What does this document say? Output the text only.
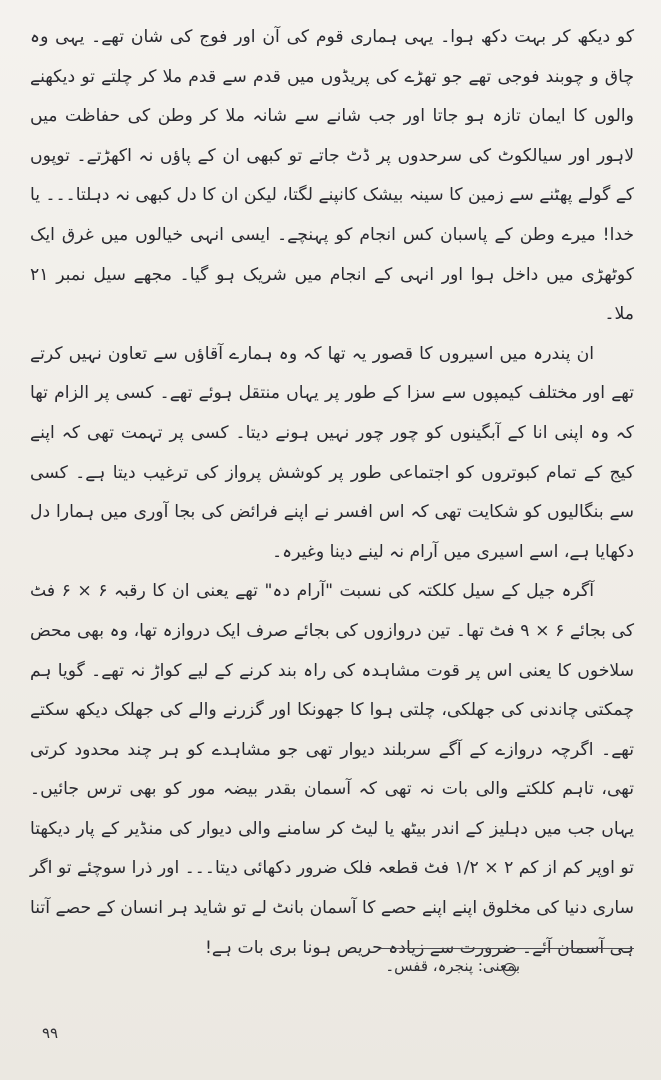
کو دیکھ کر بہت دکھ ہوا۔ یہی ہماری قوم کی آن اور فوج کی شان تھے۔ یہی وہ چاق و چوبند فوجی تھے جو تھڑے کی پریڈوں میں قدم سے قدم ملا کر چلتے تو دیکھنے والوں کا ایمان تازہ ہو جاتا اور جب شانے سے شانہ ملا کر وطن کی حفاظت میں لاہور اور سیالکوٹ کی سرحدوں پر ڈٹ جاتے تو کبھی ان کے پاؤں نہ اکھڑتے۔ توپوں کے گولے پھٹنے سے زمین کا سینہ بیشک کانپنے لگتا، لیکن ان کا دل کبھی نہ دہلتا۔۔۔ یا خدا! میرے وطن کے پاسبان کس انجام کو پہنچے۔ ایسی انہی خیالوں میں غرق ایک کوٹھڑی میں داخل ہوا اور انہی کے انجام میں شریک ہو گیا۔ مجھے سیل نمبر ۲۱ ملا۔

ان پندرہ میں اسیروں کا قصور یہ تھا کہ وہ ہمارے آقاؤں سے تعاون نہیں کرتے تھے اور مختلف کیمپوں سے سزا کے طور پر یہاں منتقل ہوئے تھے۔ کسی پر الزام تھا کہ وہ اپنی انا کے آبگینوں کو چور چور نہیں ہونے دیتا۔ کسی پر تہمت تھی کہ اپنے کیج کے تمام کبوتروں کو اجتماعی طور پر کوشش پرواز کی ترغیب دیتا ہے۔ کسی سے بنگالیوں کو شکایت تھی کہ اس افسر نے اپنے فرائض کی بجا آوری میں ہمارا دل دکھایا ہے، اسے اسیری میں آرام نہ لینے دینا وغیرہ۔

آگرہ جیل کے سیل کلکتہ کی نسبت "آرام دہ" تھے یعنی ان کا رقبہ ۶ × ۶ فٹ کی بجائے ۶ × ۹ فٹ تھا۔ تین دروازوں کی بجائے صرف ایک دروازہ تھا، وہ بھی محض سلاخوں کا یعنی اس پر قوت مشاہدہ کی راہ بند کرنے کے لیے کواڑ نہ تھے۔ گویا ہم چمکتی چاندنی کی جھلکی، چلتی ہوا کا جھونکا اور گزرنے والے کی جھلک دیکھ سکتے تھے۔ اگرچہ دروازے کے آگے سربلند دیوار تھی جو مشاہدے کو ہر چند محدود کرتی تھی، تاہم کلکتے والی بات نہ تھی کہ آسمان بقدر بیضہ مور کو بھی ترس جائیں۔ یہاں جب میں دہلیز کے اندر بیٹھ یا لیٹ کر سامنے والی دیوار کی منڈیر کے پار دیکھتا تو اوپر کم از کم ۲ × ۱/۲ فٹ قطعہ فلک ضرور دکھائی دیتا۔۔۔ اور ذرا سوچئے تو اگر ساری دنیا کی مخلوق اپنے اپنے حصے کا آسمان بانٹ لے تو شاید ہر انسان کے حصے آتنا ہی آسمان آئے۔ ضرورت سے زیادہ حریص ہونا بری بات ہے!

بمعنی: پنجرہ، قفس۔
۹۹
